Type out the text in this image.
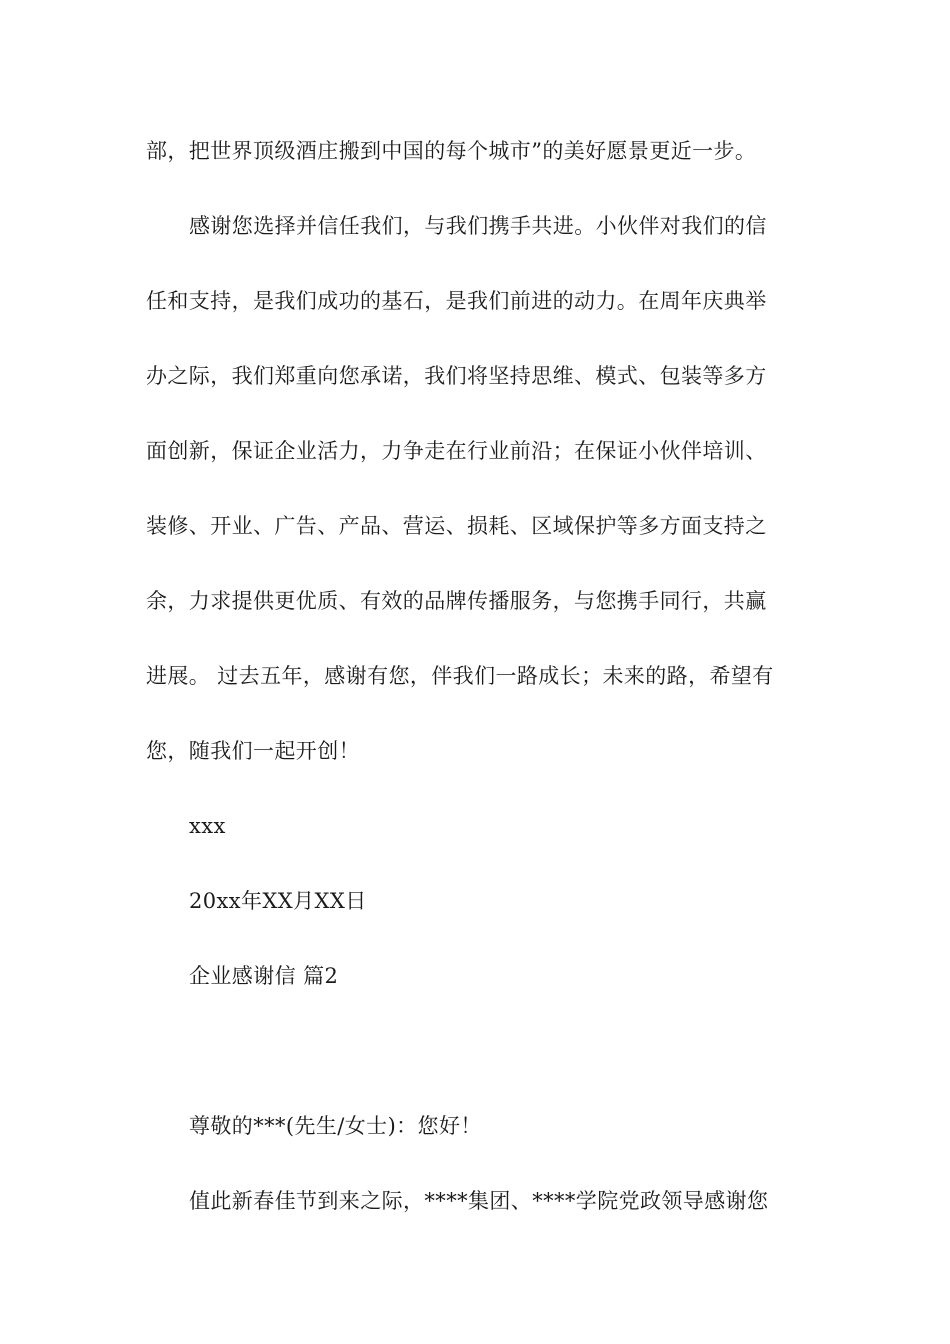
部，把世界顶级酒庄搬到中国的每个城市”的美好愿景更近一步。
感谢您选择并信任我们，与我们携手共进。小伙伴对我们的信
任和支持，是我们成功的基石，是我们前进的动力。在周年庆典举
办之际，我们郑重向您承诺，我们将坚持思维、模式、包装等多方
面创新，保证企业活力，力争走在行业前沿；在保证小伙伴培训、
装修、开业、广告、产品、营运、损耗、区域保护等多方面支持之
余，力求提供更优质、有效的品牌传播服务，与您携手同行，共赢
进展。 过去五年，感谢有您，伴我们一路成长；未来的路，希望有
您，随我们一起开创！
xxx
20xx年XX月XX日
企业感谢信 篇2
尊敬的***(先生/女士)：您好！
值此新春佳节到来之际，****集团、****学院党政领导感谢您
